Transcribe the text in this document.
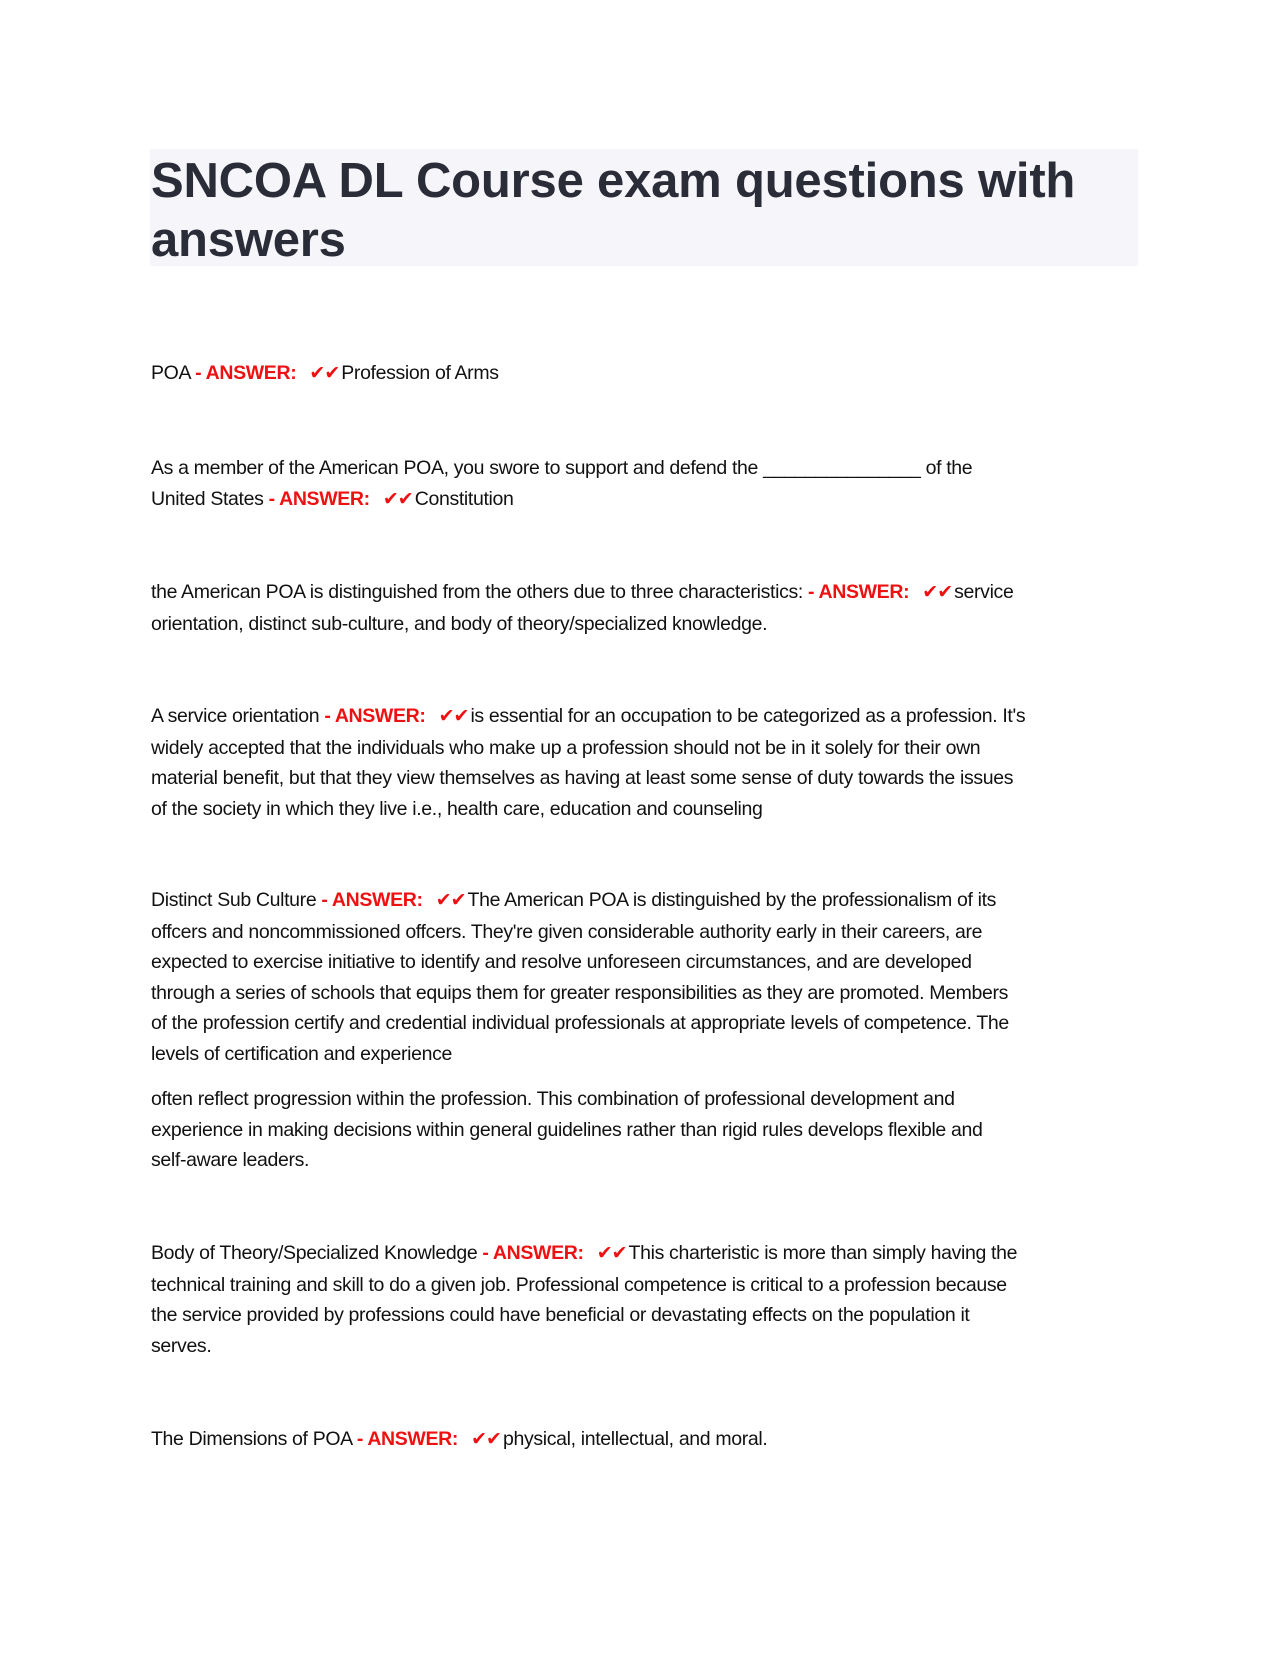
SNCOA DL Course exam questions with
answers
POA - ANSWER: ✔✔ Profession of Arms
As a member of the American POA, you swore to support and defend the _______________ of the
United States - ANSWER: ✔✔ Constitution
the American POA is distinguished from the others due to three characteristics: - ANSWER: ✔✔ service
orientation, distinct sub-culture, and body of theory/specialized knowledge.
A service orientation - ANSWER: ✔✔ is essential for an occupation to be categorized as a profession. It's
widely accepted that the individuals who make up a profession should not be in it solely for their own
material benefit, but that they view themselves as having at least some sense of duty towards the issues
of the society in which they live i.e., health care, education and counseling
Distinct Sub Culture - ANSWER: ✔✔ The American POA is distinguished by the professionalism of its
offcers and noncommissioned offcers. They're given considerable authority early in their careers, are
expected to exercise initiative to identify and resolve unforeseen circumstances, and are developed
through a series of schools that equips them for greater responsibilities as they are promoted. Members
of the profession certify and credential individual professionals at appropriate levels of competence. The
levels of certification and experience
often reflect progression within the profession. This combination of professional development and
experience in making decisions within general guidelines rather than rigid rules develops flexible and
self-aware leaders.
Body of Theory/Specialized Knowledge - ANSWER: ✔✔ This charteristic is more than simply having the
technical training and skill to do a given job. Professional competence is critical to a profession because
the service provided by professions could have beneficial or devastating effects on the population it
serves.
The Dimensions of POA - ANSWER: ✔✔ physical, intellectual, and moral.
